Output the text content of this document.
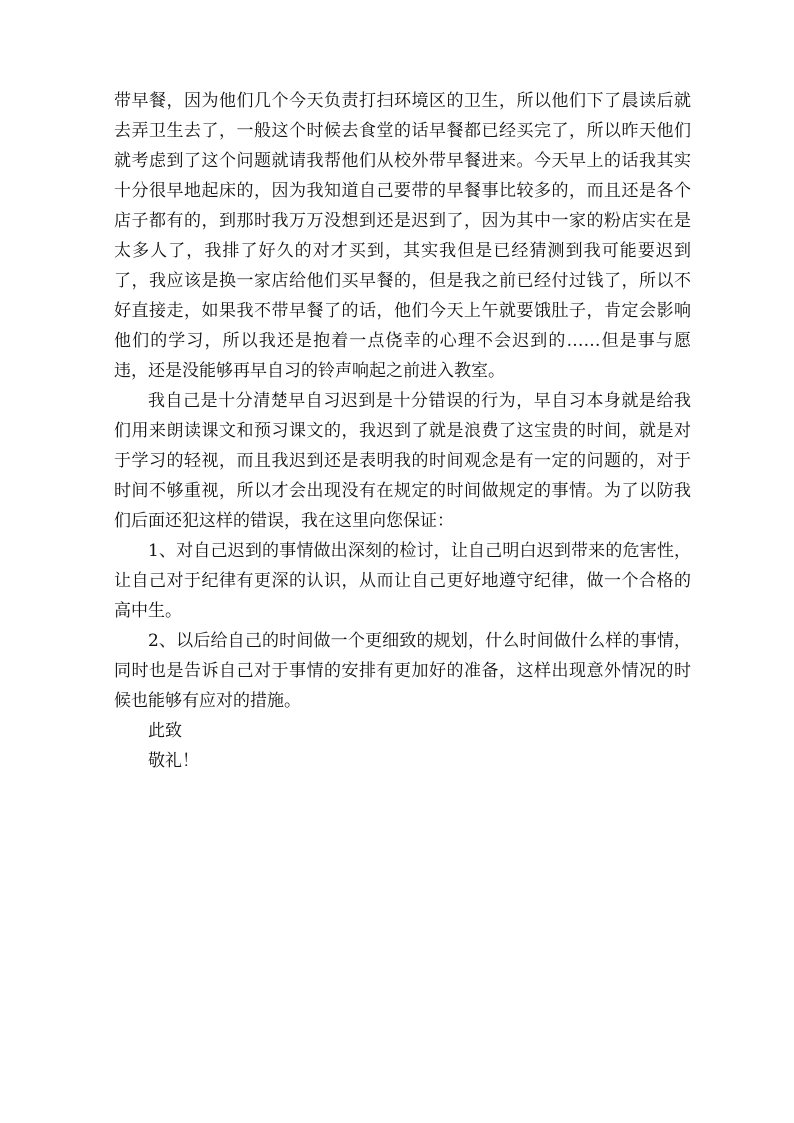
带早餐，因为他们几个今天负责打扫环境区的卫生，所以他们下了晨读后就去弄卫生去了，一般这个时候去食堂的话早餐都已经买完了，所以昨天他们就考虑到了这个问题就请我帮他们从校外带早餐进来。今天早上的话我其实十分很早地起床的，因为我知道自己要带的早餐事比较多的，而且还是各个店子都有的，到那时我万万没想到还是迟到了，因为其中一家的粉店实在是太多人了，我排了好久的对才买到，其实我但是已经猜测到我可能要迟到了，我应该是换一家店给他们买早餐的，但是我之前已经付过钱了，所以不好直接走，如果我不带早餐了的话，他们今天上午就要饿肚子，肯定会影响他们的学习，所以我还是抱着一点侥幸的心理不会迟到的……但是事与愿违，还是没能够再早自习的铃声响起之前进入教室。

我自己是十分清楚早自习迟到是十分错误的行为，早自习本身就是给我们用来朗读课文和预习课文的，我迟到了就是浪费了这宝贵的时间，就是对于学习的轻视，而且我迟到还是表明我的时间观念是有一定的问题的，对于时间不够重视，所以才会出现没有在规定的时间做规定的事情。为了以防我们后面还犯这样的错误，我在这里向您保证：

1、对自己迟到的事情做出深刻的检讨，让自己明白迟到带来的危害性，让自己对于纪律有更深的认识，从而让自己更好地遵守纪律，做一个合格的高中生。

2、以后给自己的时间做一个更细致的规划，什么时间做什么样的事情，同时也是告诉自己对于事情的安排有更加好的准备，这样出现意外情况的时候也能够有应对的措施。

此致

敬礼！
